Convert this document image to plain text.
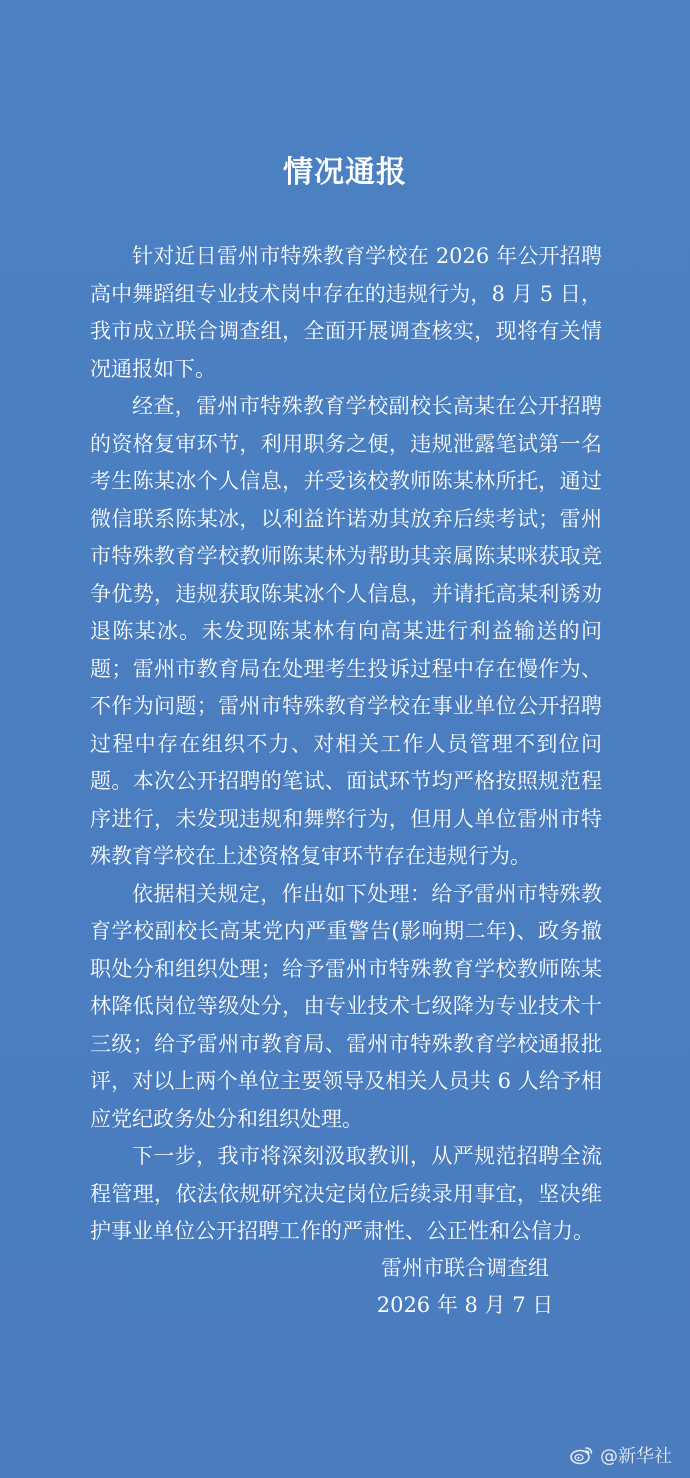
情况通报

针对近日雷州市特殊教育学校在 2026 年公开招聘高中舞蹈组专业技术岗中存在的违规行为，8 月 5 日，我市成立联合调查组，全面开展调查核实，现将有关情况通报如下。

经查，雷州市特殊教育学校副校长高某在公开招聘的资格复审环节，利用职务之便，违规泄露笔试第一名考生陈某冰个人信息，并受该校教师陈某林所托，通过微信联系陈某冰，以利益许诺劝其放弃后续考试；雷州市特殊教育学校教师陈某林为帮助其亲属陈某咪获取竞争优势，违规获取陈某冰个人信息，并请托高某利诱劝退陈某冰。未发现陈某林有向高某进行利益输送的问题；雷州市教育局在处理考生投诉过程中存在慢作为、不作为问题；雷州市特殊教育学校在事业单位公开招聘过程中存在组织不力、对相关工作人员管理不到位问题。本次公开招聘的笔试、面试环节均严格按照规范程序进行，未发现违规和舞弊行为，但用人单位雷州市特殊教育学校在上述资格复审环节存在违规行为。

依据相关规定，作出如下处理：给予雷州市特殊教育学校副校长高某党内严重警告(影响期二年)、政务撤职处分和组织处理；给予雷州市特殊教育学校教师陈某林降低岗位等级处分，由专业技术七级降为专业技术十三级；给予雷州市教育局、雷州市特殊教育学校通报批评，对以上两个单位主要领导及相关人员共 6 人给予相应党纪政务处分和组织处理。

下一步，我市将深刻汲取教训，从严规范招聘全流程管理，依法依规研究决定岗位后续录用事宜，坚决维护事业单位公开招聘工作的严肃性、公正性和公信力。

雷州市联合调查组
2026 年 8 月 7 日
@新华社
